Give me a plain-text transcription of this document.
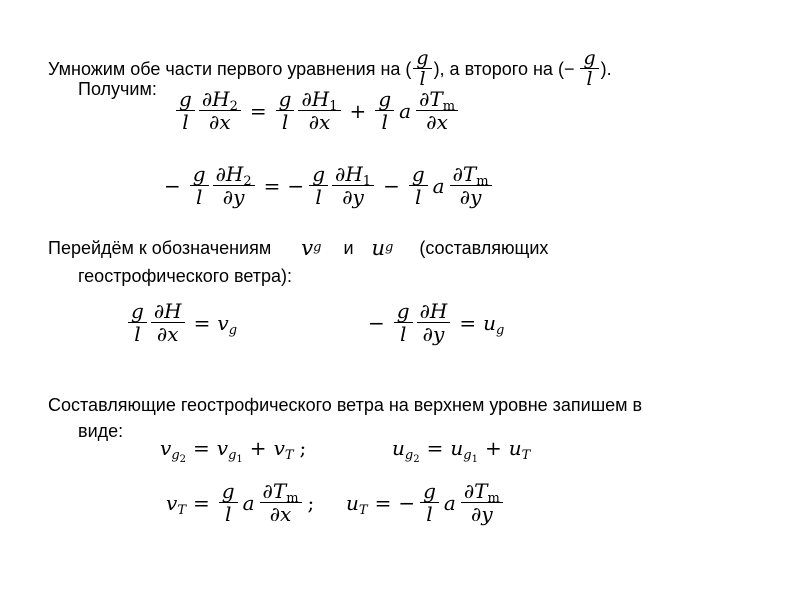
Умножим обе части первого уравнения на ( $\frac{g}{l}$ ), а второго на ( − $\frac{g}{l}$ ).
Получим: $\frac{g}{l} \frac{\partial H_2}{\partial x} = \frac{g}{l} \frac{\partial H_1}{\partial x} + \frac{g}{l}$ a $\frac{\partial T_m}{\partial x}$
− $\frac{g}{l} \frac{\partial H_2}{\partial y}$ = − $\frac{g}{l} \frac{\partial H_1}{\partial y} - \frac{g}{l}$ a $\frac{\partial T_m}{\partial y}$
Перейдём к обозначениям v g и u g (составляющих
геострофического ветра):
$\frac{g}{l} \frac{\partial H}{\partial x} = v_g$	− $\frac{g}{l} \frac{\partial H}{\partial y} = u_g$
Составляющие геострофического ветра на верхнем уровне запишем в
виде:
$v_{g_2} = v_{g_1} + v_T$ ;	$u_{g_2} = u_{g_1} + u_T$
$v_T = \frac{g}{l}$ a $\frac{\partial T_m}{\partial x}$ ; $u_T$ = − $\frac{g}{l}$ a $\frac{\partial T_m}{\partial y}$
